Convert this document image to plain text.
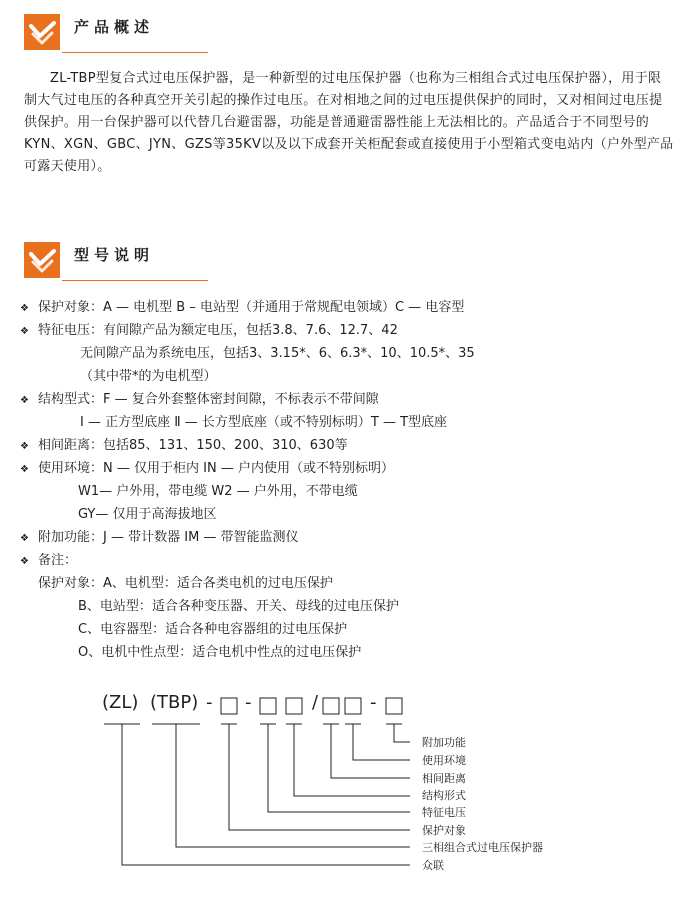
产品概述
ZL-TBP型复合式过电压保护器，是一种新型的过电压保护器（也称为三相组合式过电压保护器），用于限制大气过电压的各种真空开关引起的操作过电压。在对相地之间的过电压提供保护的同时，又对相间过电压提供保护。用一台保护器可以代替几台避雷器，功能是普通避雷器性能上无法相比的。产品适合于不同型号的KYN、XGN、GBC、JYN、GZS等35KV以及以下成套开关柜配套或直接使用于小型箱式变电站内（户外型产品可露天使用）。
型号说明
❖ 保护对象：A — 电机型 B – 电站型（并通用于常规配电领域）C — 电容型
❖ 特征电压：有间隙产品为额定电压，包括3.8、7.6、12.7、42
无间隙产品为系统电压，包括3、3.15*、6、6.3*、10、10.5*、35
（其中带*的为电机型）
❖ 结构型式：F — 复合外套整体密封间隙，不标表示不带间隙
Ⅰ — 正方型底座 Ⅱ — 长方型底座（或不特别标明）T — T型底座
❖ 相间距离：包括85、131、150、200、310、630等
❖ 使用环境：N — 仅用于柜内 IN — 户内使用（或不特别标明）
W1— 户外用，带电缆 W2 — 户外用，不带电缆
GY— 仅用于高海拔地区
❖ 附加功能：J — 带计数器 IM — 带智能监测仪
❖ 备注：
保护对象：A、电机型：适合各类电机的过电压保护
B、电站型：适合各种变压器、开关、母线的过电压保护
C、电容器型：适合各种电容器组的过电压保护
O、电机中性点型：适合电机中性点的过电压保护
(ZL) (TBP) - -	/	-
附加功能
使用环境
相间距离
结构形式
特征电压
保护对象
三相组合式过电压保护器
众联
